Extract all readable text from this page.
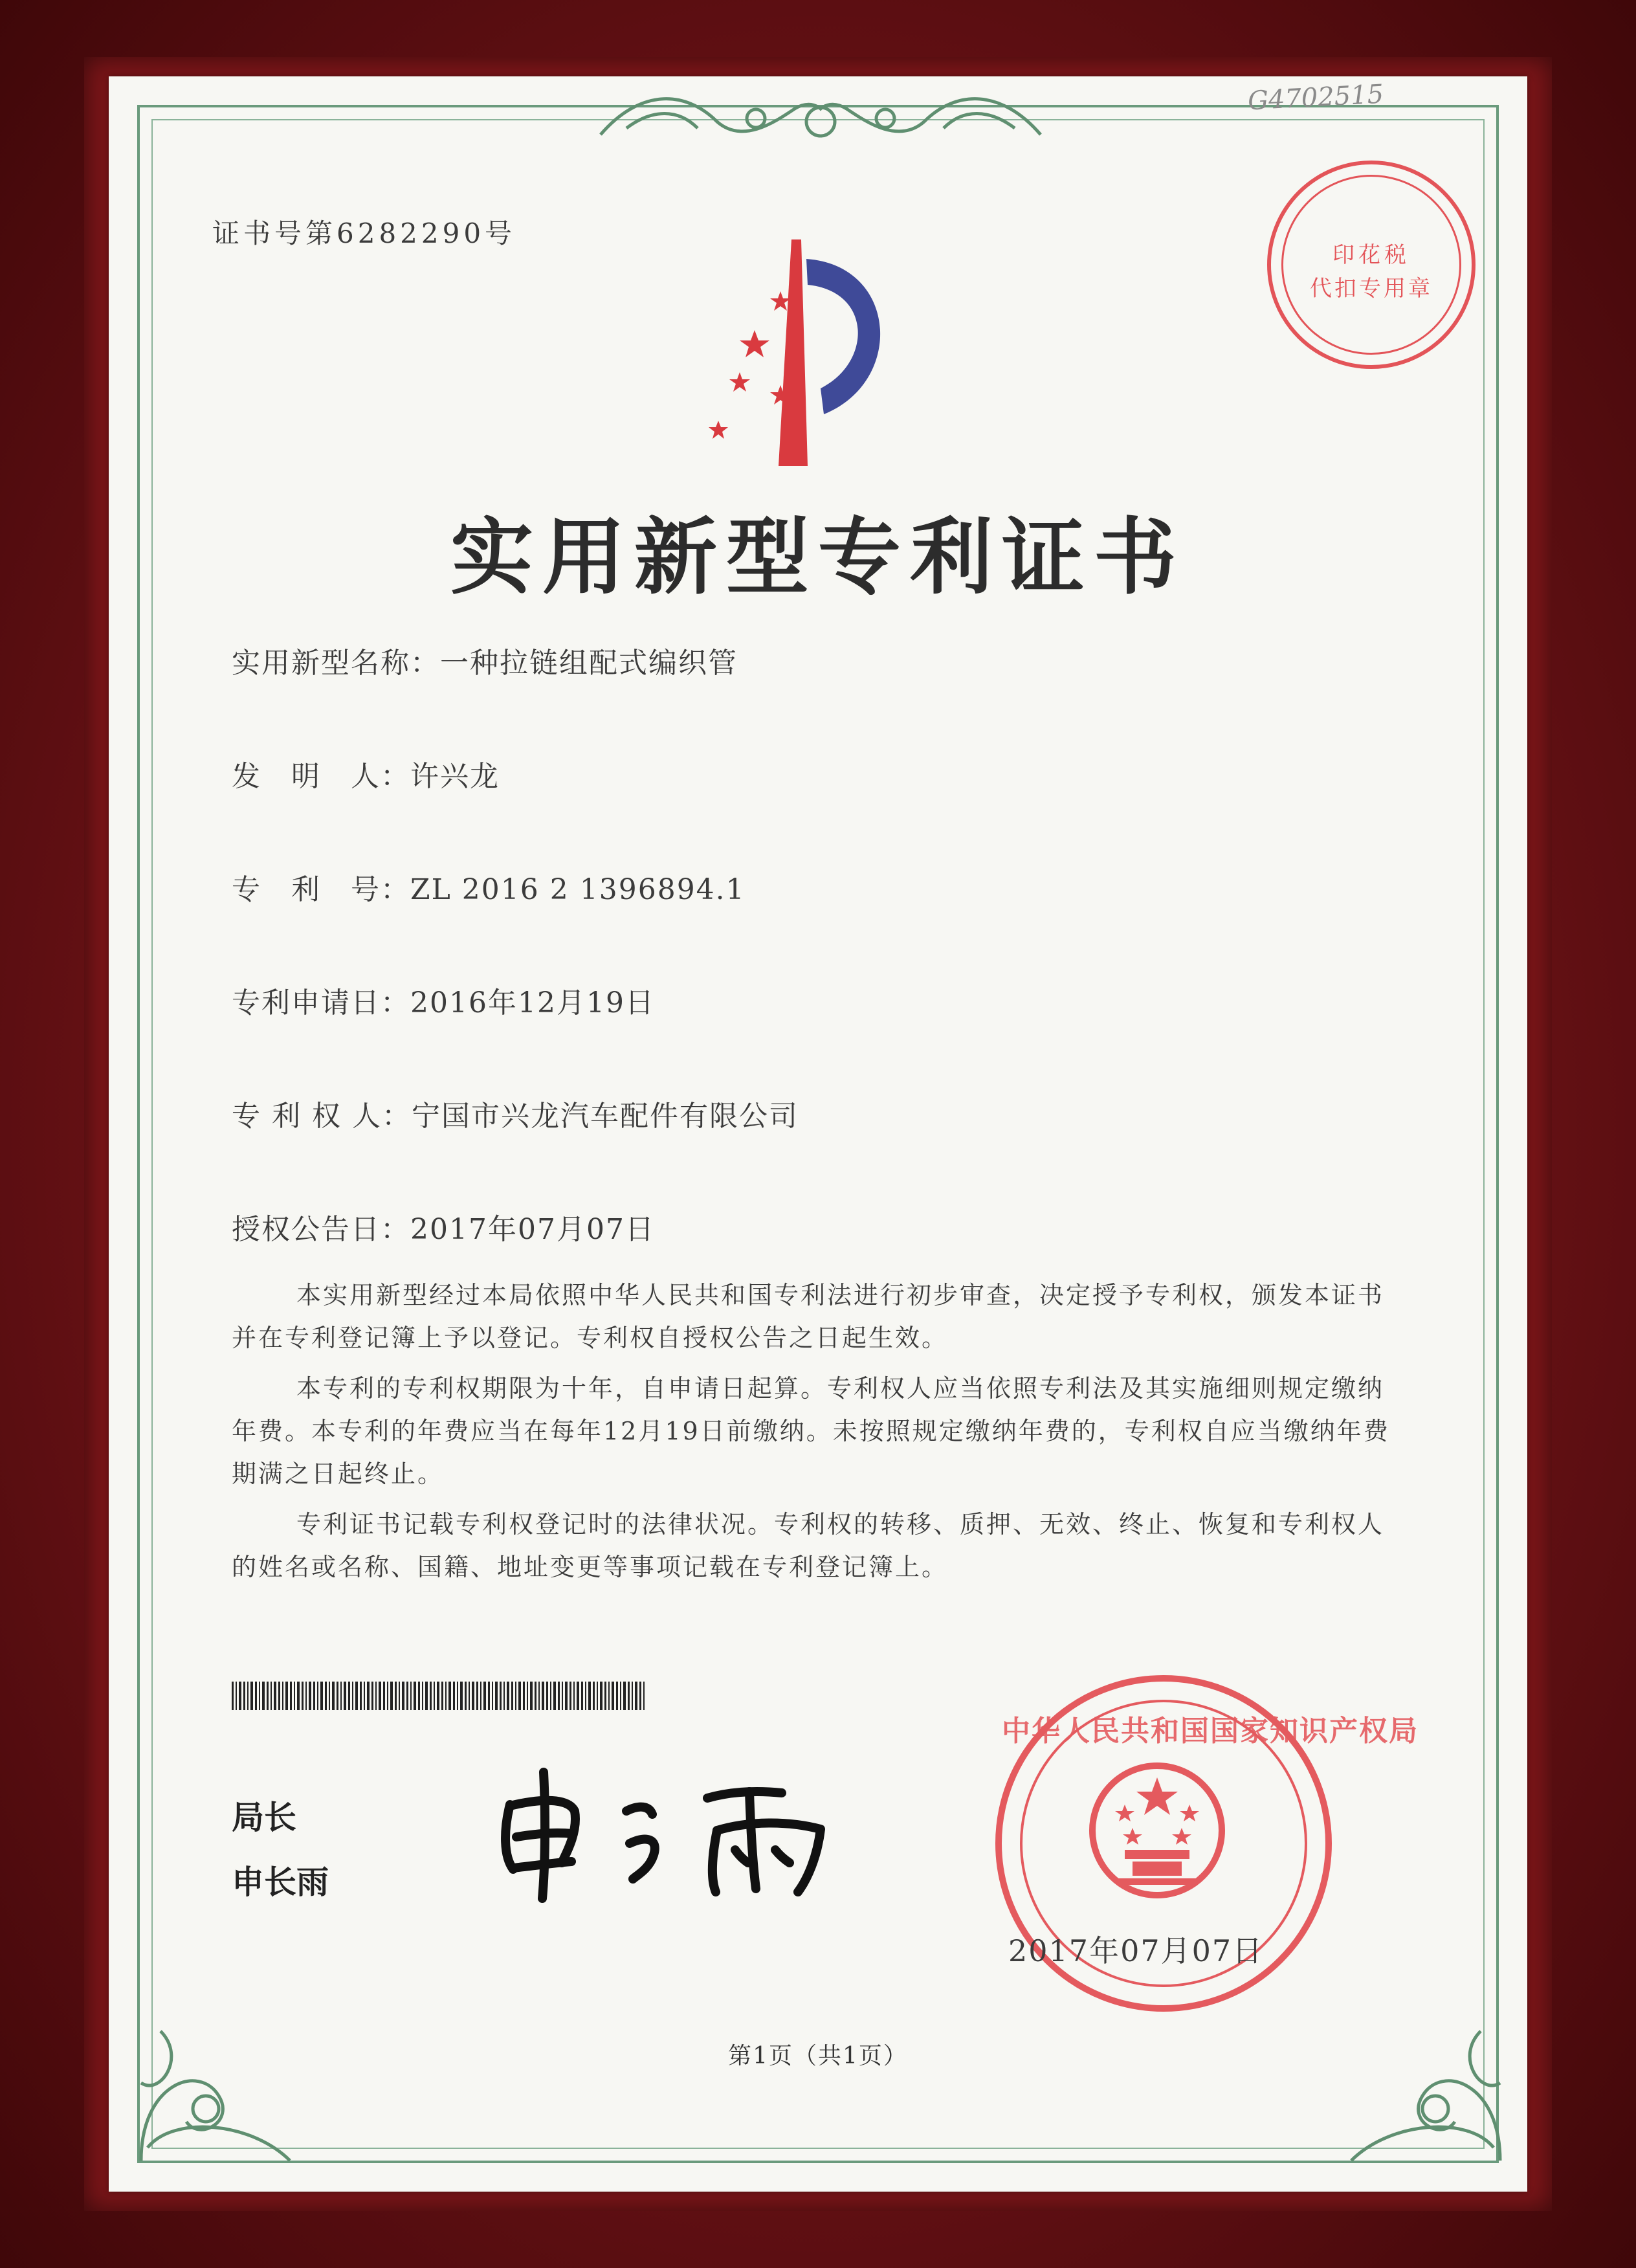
G4702515
证书号第6282290号
印花税
代扣专用章
实用新型专利证书
实用新型名称：一种拉链组配式编织管
发　明　人：许兴龙
专　利　号：ZL 2016 2 1396894.1
专利申请日：2016年12月19日
专 利 权 人：宁国市兴龙汽车配件有限公司
授权公告日：2017年07月07日

本实用新型经过本局依照中华人民共和国专利法进行初步审查，决定授予专利权，颁发本证书并在专利登记簿上予以登记。专利权自授权公告之日起生效。

本专利的专利权期限为十年，自申请日起算。专利权人应当依照专利法及其实施细则规定缴纳年费。本专利的年费应当在每年12月19日前缴纳。未按照规定缴纳年费的，专利权自应当缴纳年费期满之日起终止。

专利证书记载专利权登记时的法律状况。专利权的转移、质押、无效、终止、恢复和专利权人的姓名或名称、国籍、地址变更等事项记载在专利登记簿上。

局长
申长雨
中华人民共和国国家知识产权局
2017年07月07日
第1页（共1页）
